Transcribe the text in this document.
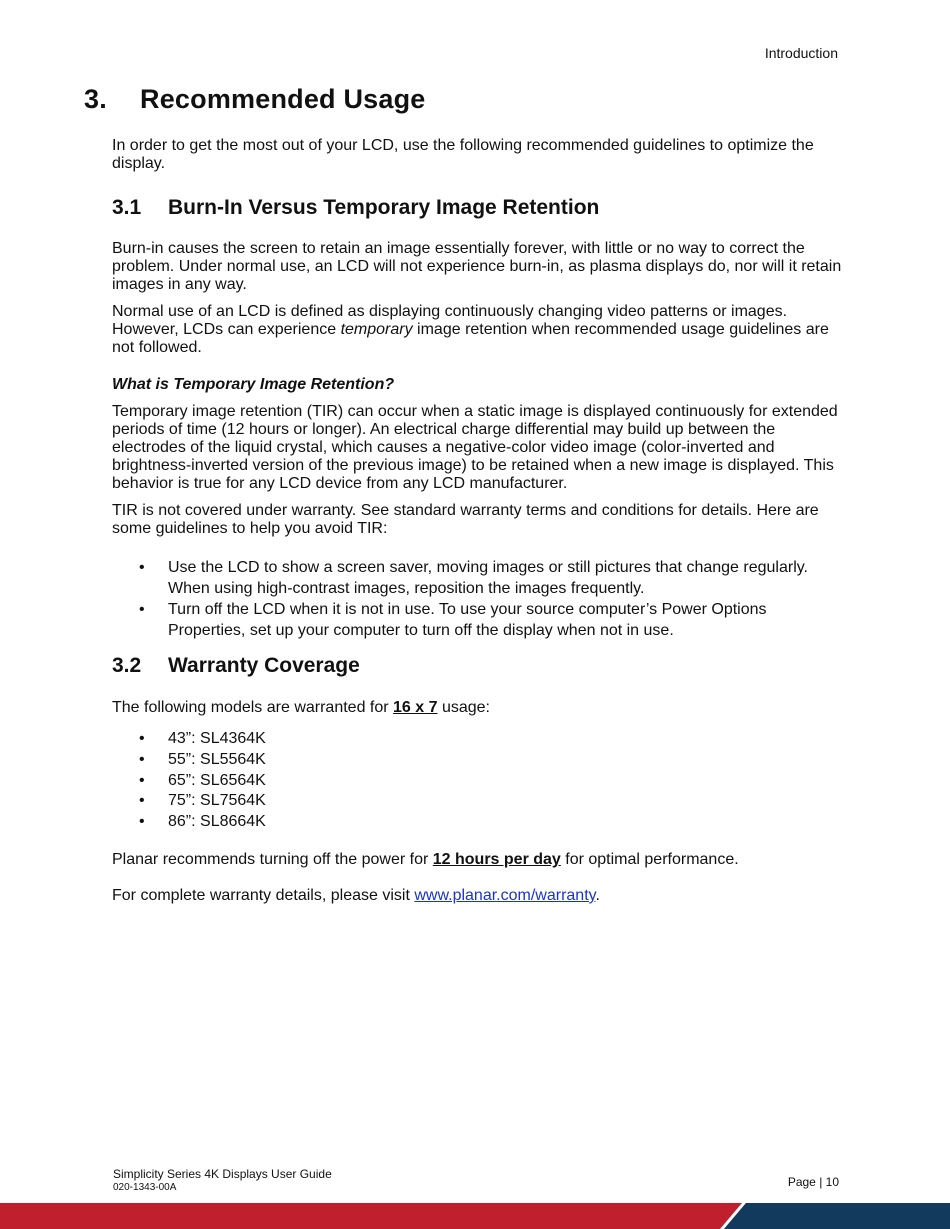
Introduction
3. Recommended Usage

In order to get the most out of your LCD, use the following recommended guidelines to optimize the display.

3.1 Burn-In Versus Temporary Image Retention

Burn-in causes the screen to retain an image essentially forever, with little or no way to correct the problem. Under normal use, an LCD will not experience burn-in, as plasma displays do, nor will it retain images in any way.

Normal use of an LCD is defined as displaying continuously changing video patterns or images. However, LCDs can experience temporary image retention when recommended usage guidelines are not followed.

What is Temporary Image Retention?

Temporary image retention (TIR) can occur when a static image is displayed continuously for extended periods of time (12 hours or longer). An electrical charge differential may build up between the electrodes of the liquid crystal, which causes a negative-color video image (color-inverted and brightness-inverted version of the previous image) to be retained when a new image is displayed. This behavior is true for any LCD device from any LCD manufacturer.

TIR is not covered under warranty. See standard warranty terms and conditions for details. Here are some guidelines to help you avoid TIR:

• Use the LCD to show a screen saver, moving images or still pictures that change regularly. When using high-contrast images, reposition the images frequently.
• Turn off the LCD when it is not in use. To use your source computer’s Power Options Properties, set up your computer to turn off the display when not in use.
3.2 Warranty Coverage

The following models are warranted for 16 x 7 usage:

• 43”: SL4364K
• 55”: SL5564K
• 65”: SL6564K
• 75”: SL7564K
• 86”: SL8664K

Planar recommends turning off the power for 12 hours per day for optimal performance.

For complete warranty details, please visit www.planar.com/warranty.

Simplicity Series 4K Displays User Guide
020-1343-00A	Page | 10
